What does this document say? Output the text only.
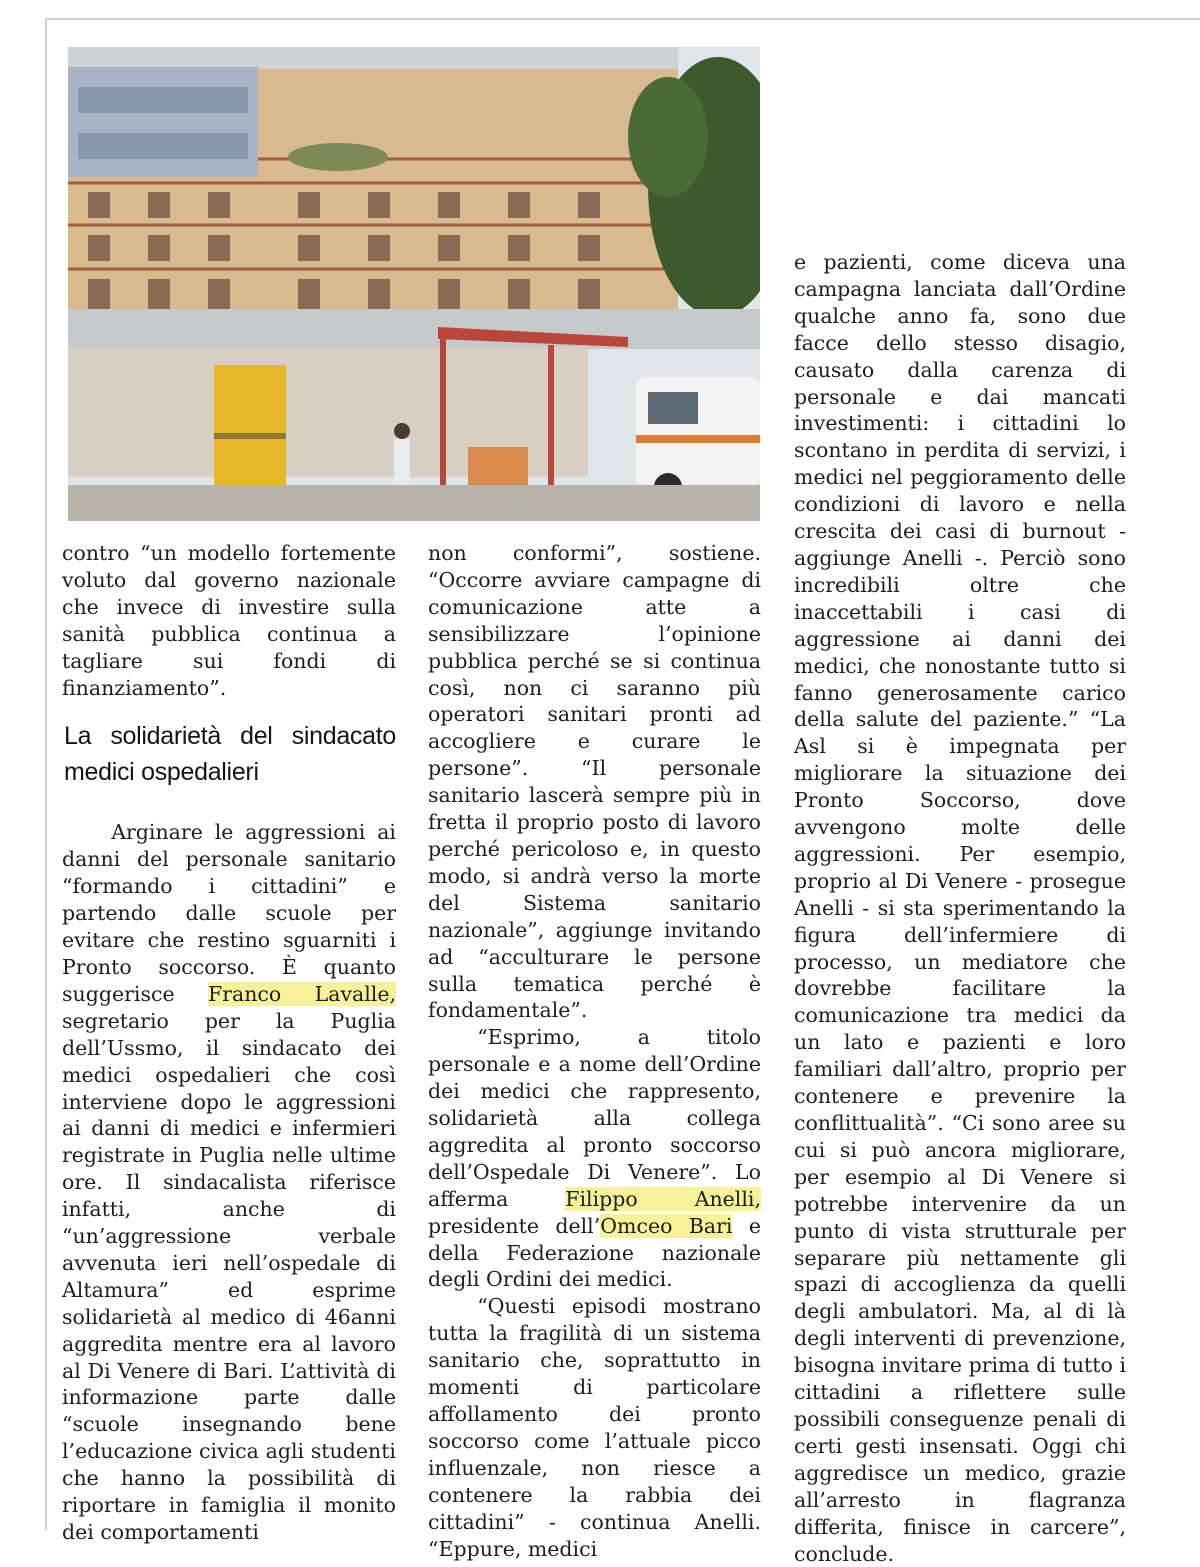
contro “un modello fortemente voluto dal governo nazionale che invece di investire sulla sanità pubblica continua a tagliare sui fondi di finanziamento”.

La solidarietà del sindacato medici ospedalieri

Arginare le aggressioni ai danni del personale sanitario “formando i cittadini” e partendo dalle scuole per evitare che restino sguarniti i Pronto soccorso. È quanto suggerisce Franco Lavalle, segretario per la Puglia dell’Ussmo, il sindacato dei medici ospedalieri che così interviene dopo le aggressioni ai danni di medici e infermieri registrate in Puglia nelle ultime ore. Il sindacalista riferisce infatti, anche di “un’aggressione verbale avvenuta ieri nell’ospedale di Altamura” ed esprime solidarietà al medico di 46anni aggredita mentre era al lavoro al Di Venere di Bari. L’attività di informazione parte dalle “scuole insegnando bene l’educazione civica agli studenti che hanno la possibilità di riportare in famiglia il monito dei comportamenti

non conformi”, sostiene. “Occorre avviare campagne di comunicazione atte a sensibilizzare l’opinione pubblica perché se si continua così, non ci saranno più operatori sanitari pronti ad accogliere e curare le persone”. “Il personale sanitario lascerà sempre più in fretta il proprio posto di lavoro perché pericoloso e, in questo modo, si andrà verso la morte del Sistema sanitario nazionale”, aggiunge invitando ad “acculturare le persone sulla tematica perché è fondamentale”.

“Esprimo, a titolo personale e a nome dell’Ordine dei medici che rappresento, solidarietà alla collega aggredita al pronto soccorso dell’Ospedale Di Venere”. Lo afferma Filippo Anelli, presidente dell’Omceo Bari e della Federazione nazionale degli Ordini dei medici.

“Questi episodi mostrano tutta la fragilità di un sistema sanitario che, soprattutto in momenti di particolare affollamento dei pronto soccorso come l’attuale picco influenzale, non riesce a contenere la rabbia dei cittadini” - continua Anelli. “Eppure, medici

e pazienti, come diceva una campagna lanciata dall’Ordine qualche anno fa, sono due facce dello stesso disagio, causato dalla carenza di personale e dai mancati investimenti: i cittadini lo scontano in perdita di servizi, i medici nel peggioramento delle condizioni di lavoro e nella crescita dei casi di burnout - aggiunge Anelli -. Perciò sono incredibili oltre che inaccettabili i casi di aggressione ai danni dei medici, che nonostante tutto si fanno generosamente carico della salute del paziente.” “La Asl si è impegnata per migliorare la situazione dei Pronto Soccorso, dove avvengono molte delle aggressioni. Per esempio, proprio al Di Venere - prosegue Anelli - si sta sperimentando la figura dell’infermiere di processo, un mediatore che dovrebbe facilitare la comunicazione tra medici da un lato e pazienti e loro familiari dall’altro, proprio per contenere e prevenire la conflittualità”. “Ci sono aree su cui si può ancora migliorare, per esempio al Di Venere si potrebbe intervenire da un punto di vista strutturale per separare più nettamente gli spazi di accoglienza da quelli degli ambulatori. Ma, al di là degli interventi di prevenzione, bisogna invitare prima di tutto i cittadini a riflettere sulle possibili conseguenze penali di certi gesti insensati. Oggi chi aggredisce un medico, grazie all’arresto in flagranza differita, finisce in carcere”, conclude.
